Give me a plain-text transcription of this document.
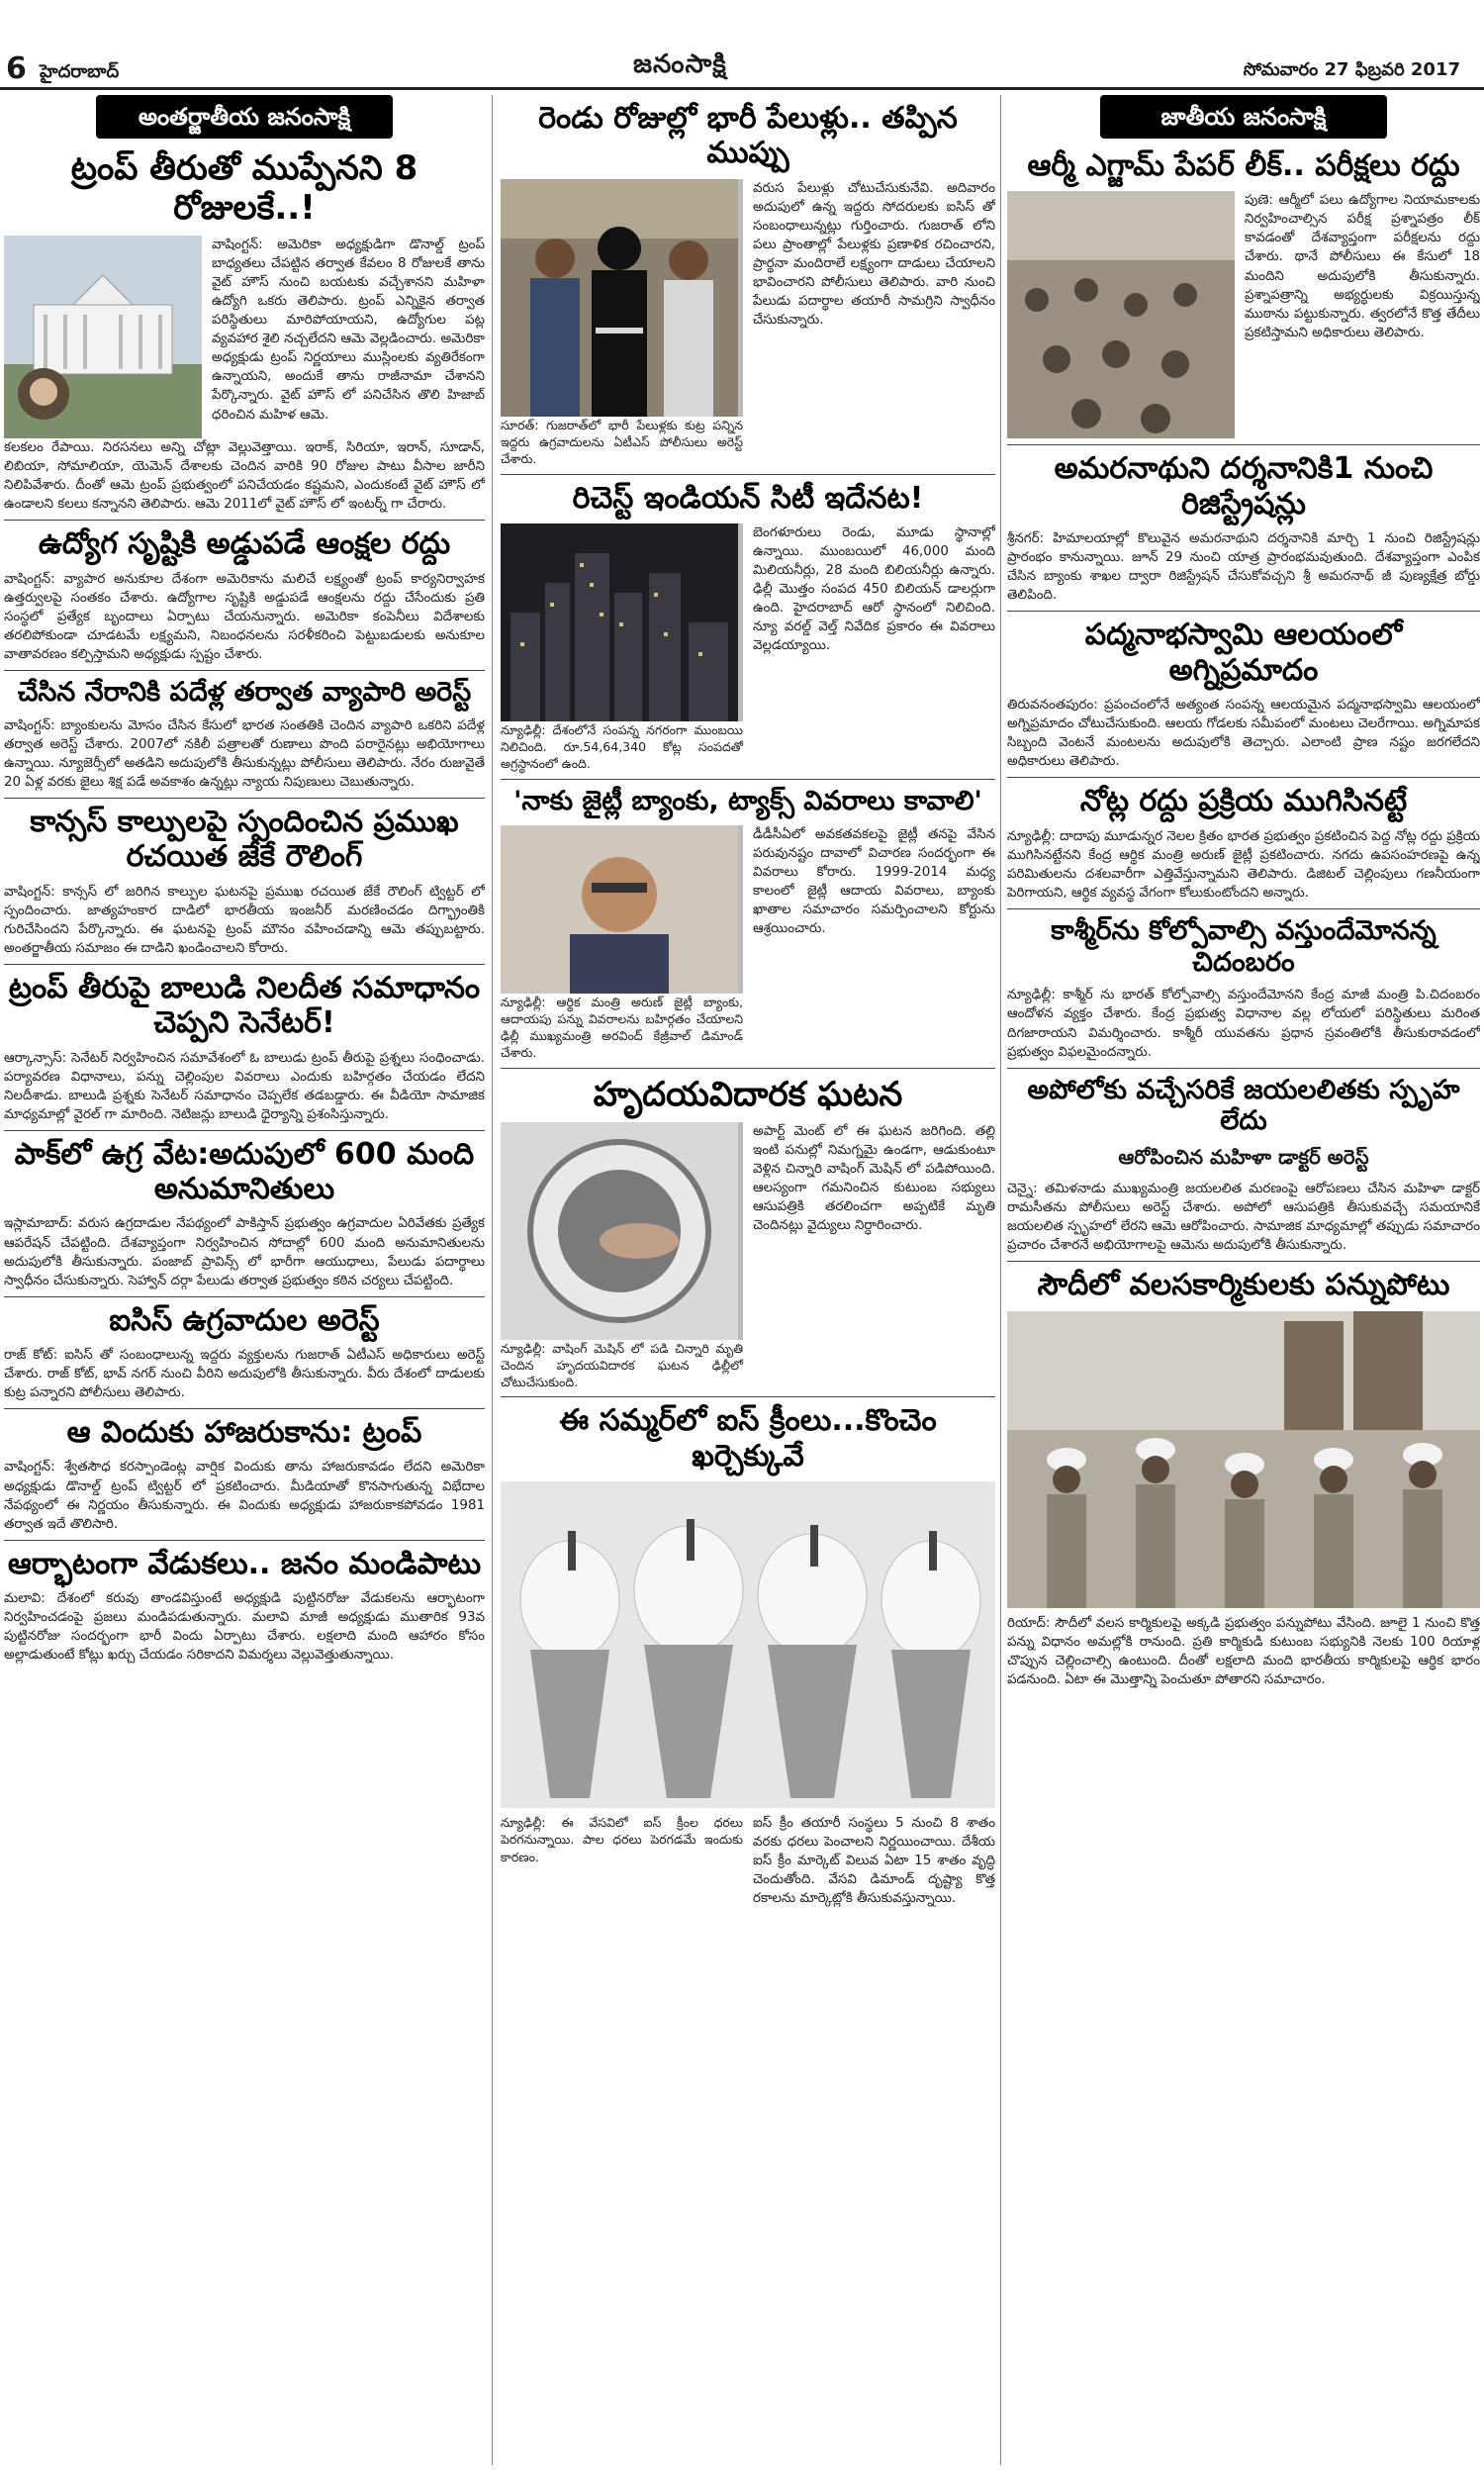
6 హైదరాబాద్	జనంసాక్షి	సోమవారం 27 ఫిబ్రవరి 2017
అంతర్జాతీయ జనంసాక్షి
ట్రంప్ తీరుతో ముప్పేనని 8 రోజులకే..!
వాషింగ్టన్: అమెరికా అధ్యక్షుడిగా డొనాల్డ్ ట్రంప్ బాధ్యతలు చేపట్టిన తర్వాత కేవలం 8 రోజులకే తాను వైట్ హౌస్ నుంచి బయటకు వచ్చేశానని మహిళా ఉద్యోగి ఒకరు తెలిపారు. ట్రంప్ ఎన్నికైన తర్వాత పరిస్థితులు మారిపోయాయని, ఉద్యోగుల పట్ల వ్యవహార శైలి నచ్చలేదని ఆమె వెల్లడించారు. అమెరికా అధ్యక్షుడు ట్రంప్ నిర్ణయాలు ముస్లింలకు వ్యతిరేకంగా ఉన్నాయని, అందుకే తాను రాజీనామా చేశానని పేర్కొన్నారు. వైట్ హౌస్ లో పనిచేసిన తొలి హిజాబ్ ధరించిన మహిళ ఆమె.
కలకలం రేపాయి. నిరసనలు అన్ని చోట్లా వెల్లువెత్తాయి. ఇరాక్, సిరియా, ఇరాన్, సూడాన్, లిబియా, సోమాలియా, యెమెన్ దేశాలకు చెందిన వారికి 90 రోజుల పాటు వీసాల జారీని నిలిపివేశారు. దీంతో ఆమె ట్రంప్ ప్రభుత్వంలో పనిచేయడం కష్టమని, ఎందుకంటే వైట్ హౌస్ లో ఉండాలని కలలు కన్నానని తెలిపారు. ఆమె 2011లో వైట్ హౌస్ లో ఇంటర్న్ గా చేరారు.
ఉద్యోగ సృష్టికి అడ్డుపడే ఆంక్షల రద్దు
వాషింగ్టన్: వ్యాపార అనుకూల దేశంగా అమెరికాను మలిచే లక్ష్యంతో ట్రంప్ కార్యనిర్వాహక ఉత్తర్వులపై సంతకం చేశారు. ఉద్యోగాల సృష్టికి అడ్డుపడే ఆంక్షలను రద్దు చేసేందుకు ప్రతి సంస్థలో ప్రత్యేక బృందాలు ఏర్పాటు చేయనున్నారు. అమెరికా కంపెనీలు విదేశాలకు తరలిపోకుండా చూడటమే లక్ష్యమని, నిబంధనలను సరళీకరించి పెట్టుబడులకు అనుకూల వాతావరణం కల్పిస్తామని అధ్యక్షుడు స్పష్టం చేశారు.
చేసిన నేరానికి పదేళ్ల తర్వాత వ్యాపారి అరెస్ట్
వాషింగ్టన్: బ్యాంకులను మోసం చేసిన కేసులో భారత సంతతికి చెందిన వ్యాపారి ఒకరిని పదేళ్ల తర్వాత అరెస్ట్ చేశారు. 2007లో నకిలీ పత్రాలతో రుణాలు పొంది పరారైనట్లు అభియోగాలు ఉన్నాయి. న్యూజెర్సీలో అతడిని అదుపులోకి తీసుకున్నట్లు పోలీసులు తెలిపారు. నేరం రుజువైతే 20 ఏళ్ల వరకు జైలు శిక్ష పడే అవకాశం ఉన్నట్లు న్యాయ నిపుణులు చెబుతున్నారు.
కాన్సస్ కాల్పులపై స్పందించిన ప్రముఖ రచయిత జేకే రౌలింగ్
వాషింగ్టన్: కాన్సస్ లో జరిగిన కాల్పుల ఘటనపై ప్రముఖ రచయిత జేకే రౌలింగ్ ట్విట్టర్ లో స్పందించారు. జాత్యహంకార దాడిలో భారతీయ ఇంజనీర్ మరణించడం దిగ్భ్రాంతికి గురిచేసిందని పేర్కొన్నారు. ఈ ఘటనపై ట్రంప్ మౌనం వహించడాన్ని ఆమె తప్పుబట్టారు. అంతర్జాతీయ సమాజం ఈ దాడిని ఖండించాలని కోరారు.
ట్రంప్ తీరుపై బాలుడి నిలదీత సమాధానం చెప్పని సెనేటర్!
ఆర్కాన్సాస్: సెనేటర్ నిర్వహించిన సమావేశంలో ఓ బాలుడు ట్రంప్ తీరుపై ప్రశ్నలు సంధించాడు. పర్యావరణ విధానాలు, పన్ను చెల్లింపుల వివరాలు ఎందుకు బహిర్గతం చేయడం లేదని నిలదీశాడు. బాలుడి ప్రశ్నకు సెనేటర్ సమాధానం చెప్పలేక తడబడ్డారు. ఈ వీడియో సామాజిక మాధ్యమాల్లో వైరల్ గా మారింది. నెటిజన్లు బాలుడి ధైర్యాన్ని ప్రశంసిస్తున్నారు.
పాక్‌లో ఉగ్ర వేట:అదుపులో 600 మంది అనుమానితులు
ఇస్లామాబాద్: వరుస ఉగ్రదాడుల నేపథ్యంలో పాకిస్తాన్ ప్రభుత్వం ఉగ్రవాదుల ఏరివేతకు ప్రత్యేక ఆపరేషన్ చేపట్టింది. దేశవ్యాప్తంగా నిర్వహించిన సోదాల్లో 600 మంది అనుమానితులను అదుపులోకి తీసుకున్నారు. పంజాబ్ ప్రావిన్స్ లో భారీగా ఆయుధాలు, పేలుడు పదార్థాలు స్వాధీనం చేసుకున్నారు. సెహ్వాన్ దర్గా పేలుడు తర్వాత ప్రభుత్వం కఠిన చర్యలు చేపట్టింది.
ఐసిస్ ఉగ్రవాదుల అరెస్ట్
రాజ్ కోట్: ఐసిస్ తో సంబంధాలున్న ఇద్దరు వ్యక్తులను గుజరాత్ ఏటీఎస్ అధికారులు అరెస్ట్ చేశారు. రాజ్ కోట్, భావ్ నగర్ నుంచి వీరిని అదుపులోకి తీసుకున్నారు. వీరు దేశంలో దాడులకు కుట్ర పన్నారని పోలీసులు తెలిపారు.
ఆ విందుకు హాజరుకాను: ట్రంప్
వాషింగ్టన్: శ్వేతసౌధ కరస్పాండెంట్ల వార్షిక విందుకు తాను హాజరుకావడం లేదని అమెరికా అధ్యక్షుడు డొనాల్డ్ ట్రంప్ ట్విట్టర్ లో ప్రకటించారు. మీడియాతో కొనసాగుతున్న విభేదాల నేపథ్యంలో ఈ నిర్ణయం తీసుకున్నారు. ఈ విందుకు అధ్యక్షుడు హాజరుకాకపోవడం 1981 తర్వాత ఇదే తొలిసారి.
ఆర్భాటంగా వేడుకలు.. జనం మండిపాటు
మలావి: దేశంలో కరువు తాండవిస్తుంటే అధ్యక్షుడి పుట్టినరోజు వేడుకలను ఆర్భాటంగా నిర్వహించడంపై ప్రజలు మండిపడుతున్నారు. మలావి మాజీ అధ్యక్షుడు ముతారిక 93వ పుట్టినరోజు సందర్భంగా భారీ విందు ఏర్పాటు చేశారు. లక్షలాది మంది ఆహారం కోసం అల్లాడుతుంటే కోట్లు ఖర్చు చేయడం సరికాదని విమర్శలు వెల్లువెత్తుతున్నాయి.
రెండు రోజుల్లో భారీ పేలుళ్లు.. తప్పిన ముప్పు
సూరత్: గుజరాత్‌లో భారీ పేలుళ్లకు కుట్ర పన్నిన ఇద్దరు ఉగ్రవాదులను ఏటీఎస్ పోలీసులు అరెస్ట్ చేశారు.
వరుస పేలుళ్లు చోటుచేసుకునేవి. అదివారం అదుపులో ఉన్న ఇద్దరు సోదరులకు ఐసిస్ తో సంబంధాలున్నట్లు గుర్తించారు. గుజరాత్ లోని పలు ప్రాంతాల్లో పేలుళ్లకు ప్రణాళిక రచించారని, ప్రార్థనా మందిరాలే లక్ష్యంగా దాడులు చేయాలని భావించారని పోలీసులు తెలిపారు. వారి నుంచి పేలుడు పదార్థాల తయారీ సామగ్రిని స్వాధీనం చేసుకున్నారు.
రిచెస్ట్ ఇండియన్ సిటీ ఇదేనట!
న్యూఢిల్లీ: దేశంలోనే సంపన్న నగరంగా ముంబయి నిలిచింది. రూ.54,64,340 కోట్ల సంపదతో అగ్రస్థానంలో ఉంది.
బెంగళూరులు రెండు, మూడు స్థానాల్లో ఉన్నాయి. ముంబయిలో 46,000 మంది మిలియనీర్లు, 28 మంది బిలియనీర్లు ఉన్నారు. ఢిల్లీ మొత్తం సంపద 450 బిలియన్ డాలర్లుగా ఉంది. హైదరాబాద్ ఆరో స్థానంలో నిలిచింది. న్యూ వరల్డ్ వెల్త్ నివేదిక ప్రకారం ఈ వివరాలు వెల్లడయ్యాయి.
'నాకు జైట్లీ బ్యాంకు, ట్యాక్స్ వివరాలు కావాలి'
న్యూఢిల్లీ: ఆర్థిక మంత్రి అరుణ్ జైట్లీ బ్యాంకు, ఆదాయపు పన్ను వివరాలను బహిర్గతం చేయాలని ఢిల్లీ ముఖ్యమంత్రి అరవింద్ కేజ్రీవాల్ డిమాండ్ చేశారు.
డీడీసీఏలో అవకతవకలపై జైట్లీ తనపై వేసిన పరువునష్టం దావాలో విచారణ సందర్భంగా ఈ వివరాలు కోరారు. 1999-2014 మధ్య కాలంలో జైట్లీ ఆదాయ వివరాలు, బ్యాంకు ఖాతాల సమాచారం సమర్పించాలని కోర్టును ఆశ్రయించారు.
హృదయవిదారక ఘటన
న్యూఢిల్లీ: వాషింగ్ మెషిన్ లో పడి చిన్నారి మృతి చెందిన హృదయవిదారక ఘటన ఢిల్లీలో చోటుచేసుకుంది.
అపార్ట్ మెంట్ లో ఈ ఘటన జరిగింది. తల్లి ఇంటి పనుల్లో నిమగ్నమై ఉండగా, ఆడుకుంటూ వెళ్లిన చిన్నారి వాషింగ్ మెషిన్ లో పడిపోయింది. ఆలస్యంగా గమనించిన కుటుంబ సభ్యులు ఆసుపత్రికి తరలించగా అప్పటికే మృతి చెందినట్లు వైద్యులు నిర్ధారించారు.
ఈ సమ్మర్‌లో ఐస్ క్రీంలు...కొంచెం ఖర్చెక్కువే
న్యూఢిల్లీ: ఈ వేసవిలో ఐస్ క్రీంల ధరలు పెరగనున్నాయి. పాల ధరలు పెరగడమే ఇందుకు కారణం.
ఐస్ క్రీం తయారీ సంస్థలు 5 నుంచి 8 శాతం వరకు ధరలు పెంచాలని నిర్ణయించాయి. దేశీయ ఐస్ క్రీం మార్కెట్ విలువ ఏటా 15 శాతం వృద్ధి చెందుతోంది. వేసవి డిమాండ్ దృష్ట్యా కొత్త రకాలను మార్కెట్లోకి తీసుకువస్తున్నాయి.
జాతీయ జనంసాక్షి
ఆర్మీ ఎగ్జామ్ పేపర్ లీక్.. పరీక్షలు రద్దు
పుణె: ఆర్మీలో పలు ఉద్యోగాల నియామకాలకు నిర్వహించాల్సిన పరీక్ష ప్రశ్నాపత్రం లీక్ కావడంతో దేశవ్యాప్తంగా పరీక్షలను రద్దు చేశారు. థానే పోలీసులు ఈ కేసులో 18 మందిని అదుపులోకి తీసుకున్నారు. ప్రశ్నాపత్రాన్ని అభ్యర్థులకు విక్రయిస్తున్న ముఠాను పట్టుకున్నారు. త్వరలోనే కొత్త తేదీలు ప్రకటిస్తామని అధికారులు తెలిపారు.
అమరనాథుని దర్శనానికి1 నుంచి రిజిస్ట్రేషన్లు
శ్రీనగర్: హిమాలయాల్లో కొలువైన అమరనాథుని దర్శనానికి మార్చి 1 నుంచి రిజిస్ట్రేషన్లు ప్రారంభం కానున్నాయి. జూన్ 29 నుంచి యాత్ర ప్రారంభమవుతుంది. దేశవ్యాప్తంగా ఎంపిక చేసిన బ్యాంకు శాఖల ద్వారా రిజిస్ట్రేషన్ చేసుకోవచ్చని శ్రీ అమరనాథ్ జీ పుణ్యక్షేత్ర బోర్డు తెలిపింది.
పద్మనాభస్వామి ఆలయంలో అగ్నిప్రమాదం
తిరువనంతపురం: ప్రపంచంలోనే అత్యంత సంపన్న ఆలయమైన పద్మనాభస్వామి ఆలయంలో అగ్నిప్రమాదం చోటుచేసుకుంది. ఆలయ గోడలకు సమీపంలో మంటలు చెలరేగాయి. అగ్నిమాపక సిబ్బంది వెంటనే మంటలను అదుపులోకి తెచ్చారు. ఎలాంటి ప్రాణ నష్టం జరగలేదని అధికారులు తెలిపారు.
నోట్ల రద్దు ప్రక్రియ ముగిసినట్టే
న్యూఢిల్లీ: దాదాపు మూడున్నర నెలల క్రితం భారత ప్రభుత్వం ప్రకటించిన పెద్ద నోట్ల రద్దు ప్రక్రియ ముగిసినట్టేనని కేంద్ర ఆర్థిక మంత్రి అరుణ్ జైట్లీ ప్రకటించారు. నగదు ఉపసంహరణపై ఉన్న పరిమితులను దశలవారీగా ఎత్తివేస్తున్నామని తెలిపారు. డిజిటల్ చెల్లింపులు గణనీయంగా పెరిగాయని, ఆర్థిక వ్యవస్థ వేగంగా కోలుకుంటోందని అన్నారు.
కాశ్మీర్‌ను కోల్పోవాల్సి వస్తుందేమోనన్న చిదంబరం
న్యూఢిల్లీ: కాశ్మీర్ ను భారత్ కోల్పోవాల్సి వస్తుందేమోనని కేంద్ర మాజీ మంత్రి పి.చిదంబరం ఆందోళన వ్యక్తం చేశారు. కేంద్ర ప్రభుత్వ విధానాల వల్ల లోయలో పరిస్థితులు మరింత దిగజారాయని విమర్శించారు. కాశ్మీరీ యువతను ప్రధాన స్రవంతిలోకి తీసుకురావడంలో ప్రభుత్వం విఫలమైందన్నారు.
అపోలోకు వచ్చేసరికే జయలలితకు స్పృహ లేదు
ఆరోపించిన మహిళా డాక్టర్ అరెస్ట్
చెన్నై: తమిళనాడు ముఖ్యమంత్రి జయలలిత మరణంపై ఆరోపణలు చేసిన మహిళా డాక్టర్ రామసీతను పోలీసులు అరెస్ట్ చేశారు. అపోలో ఆసుపత్రికి తీసుకువచ్చే సమయానికే జయలలిత స్పృహలో లేరని ఆమె ఆరోపించారు. సామాజిక మాధ్యమాల్లో తప్పుడు సమాచారం ప్రచారం చేశారనే అభియోగాలపై ఆమెను అదుపులోకి తీసుకున్నారు.
సౌదీలో వలసకార్మికులకు పన్నుపోటు
రియాద్: సౌదీలో వలస కార్మికులపై అక్కడి ప్రభుత్వం పన్నుపోటు వేసింది. జూలై 1 నుంచి కొత్త పన్ను విధానం అమల్లోకి రానుంది. ప్రతి కార్మికుడి కుటుంబ సభ్యునికి నెలకు 100 రియాళ్ల చొప్పున చెల్లించాల్సి ఉంటుంది. దీంతో లక్షలాది మంది భారతీయ కార్మికులపై ఆర్థిక భారం పడనుంది. ఏటా ఈ మొత్తాన్ని పెంచుతూ పోతారని సమాచారం.
